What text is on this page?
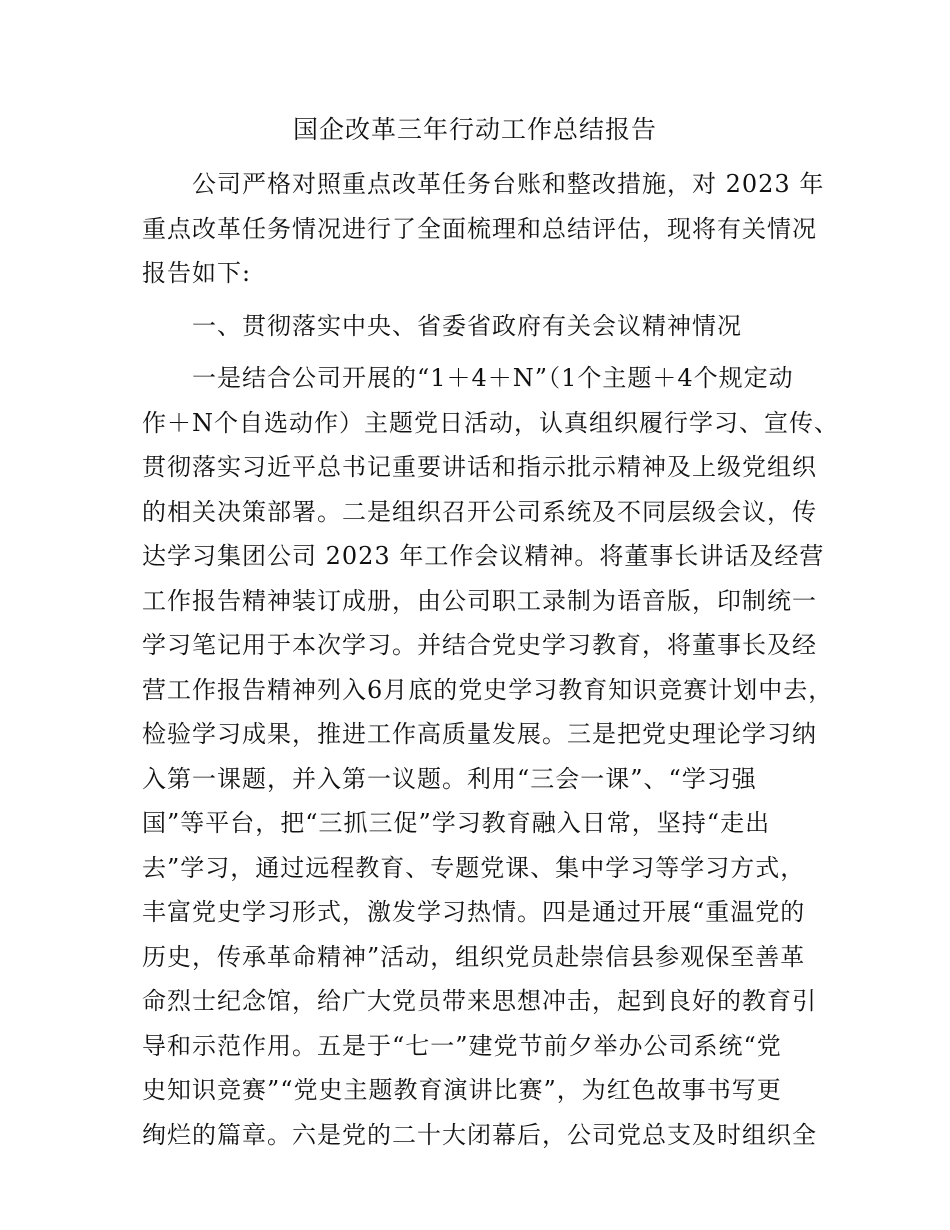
国企改革三年行动工作总结报告
公司严格对照重点改革任务台账和整改措施，对 2023 年
重点改革任务情况进行了全面梳理和总结评估，现将有关情况
报告如下:
一、贯彻落实中央、省委省政府有关会议精神情况
一是结合公司开展的“1＋4＋N”（1个主题＋4个规定动
作＋N个自选动作）主题党日活动，认真组织履行学习、宣传、
贯彻落实习近平总书记重要讲话和指示批示精神及上级党组织
的相关决策部署。二是组织召开公司系统及不同层级会议，传
达学习集团公司 2023 年工作会议精神。将董事长讲话及经营
工作报告精神装订成册，由公司职工录制为语音版，印制统一
学习笔记用于本次学习。并结合党史学习教育，将董事长及经
营工作报告精神列入6月底的党史学习教育知识竞赛计划中去，
检验学习成果，推进工作高质量发展。三是把党史理论学习纳
入第一课题，并入第一议题。利用“三会一课”、“学习强
国”等平台，把“三抓三促”学习教育融入日常，坚持“走出
去”学习，通过远程教育、专题党课、集中学习等学习方式，
丰富党史学习形式，激发学习热情。四是通过开展“重温党的
历史，传承革命精神”活动，组织党员赴崇信县参观保至善革
命烈士纪念馆，给广大党员带来思想冲击，起到良好的教育引
导和示范作用。五是于“七一”建党节前夕举办公司系统“党
史知识竞赛”“党史主题教育演讲比赛”，为红色故事书写更
绚烂的篇章。六是党的二十大闭幕后，公司党总支及时组织全
